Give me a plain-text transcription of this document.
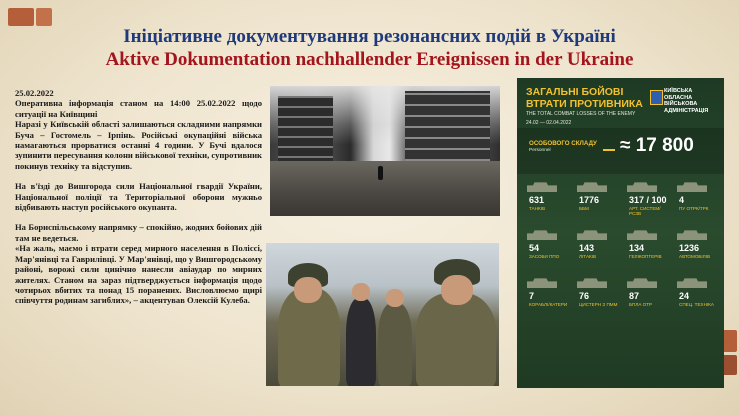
Ініціативне документування резонансних подій в Україні
Aktive Dokumentation nachhallender Ereignissen in der Ukraine

25.02.2022

Оперативна інформація станом на 14:00 25.02.2022 щодо ситуації на Київщині

Наразі у Київській області залишаються складними напрямки Буча – Гостомель – Ірпінь. Російські окупаційні війська намагаються прорватися останні 4 години. У Бучі вдалося зупинити пересування колони військової техніки, супротивник покинув техніку та відступив.

На в'їзді до Вишгорода сили Національної гвардії України, Національної поліції та Територіальної оборони мужньо відбивають наступ російського окупанта.

На Бориспільському напрямку – спокійно, жодних бойових дій там не ведеться.

«На жаль, маємо і втрати серед мирного населення в Поліссі, Мар'янівці та Гаврилівці. У Мар'янівці, що у Вишгородському районі, ворожі сили цинічно нанесли авіаудар по мирних жителях. Станом на зараз підтверджується інформація щодо чотирьох вбитих та понад 15 поранених. Висловлюємо щирі співчуття родинам загиблих», – акцентував Олексій Кулеба.

ЗАГАЛЬНІ БОЙОВІ
ВТРАТИ ПРОТИВНИКА
THE TOTAL COMBAT LOSSES OF THE ENEMY
24.02 — 02.04.2022
КИЇВСЬКА
ОБЛАСНА ВІЙСЬКОВА
АДМІНІСТРАЦІЯ
ОСОБОВОГО СКЛАДУ
Personnel	≈ 17 800
631
ТАНКІВ
1776
ББМ
317 / 100
АРТ. СИСТЕМ/РСЗВ
4
ПУ ОТРК/ТРК
54
ЗАСОБИ ППО
143
ЛІТАКІВ
134
ГЕЛІКОПТЕРІВ
1236
АВТОМОБІЛІВ
7
КОРАБЛІ/КАТЕРИ
76
ЦИСТЕРН З ПММ
87
БПЛА ОТР
24
СПЕЦ. ТЕХНІКА
